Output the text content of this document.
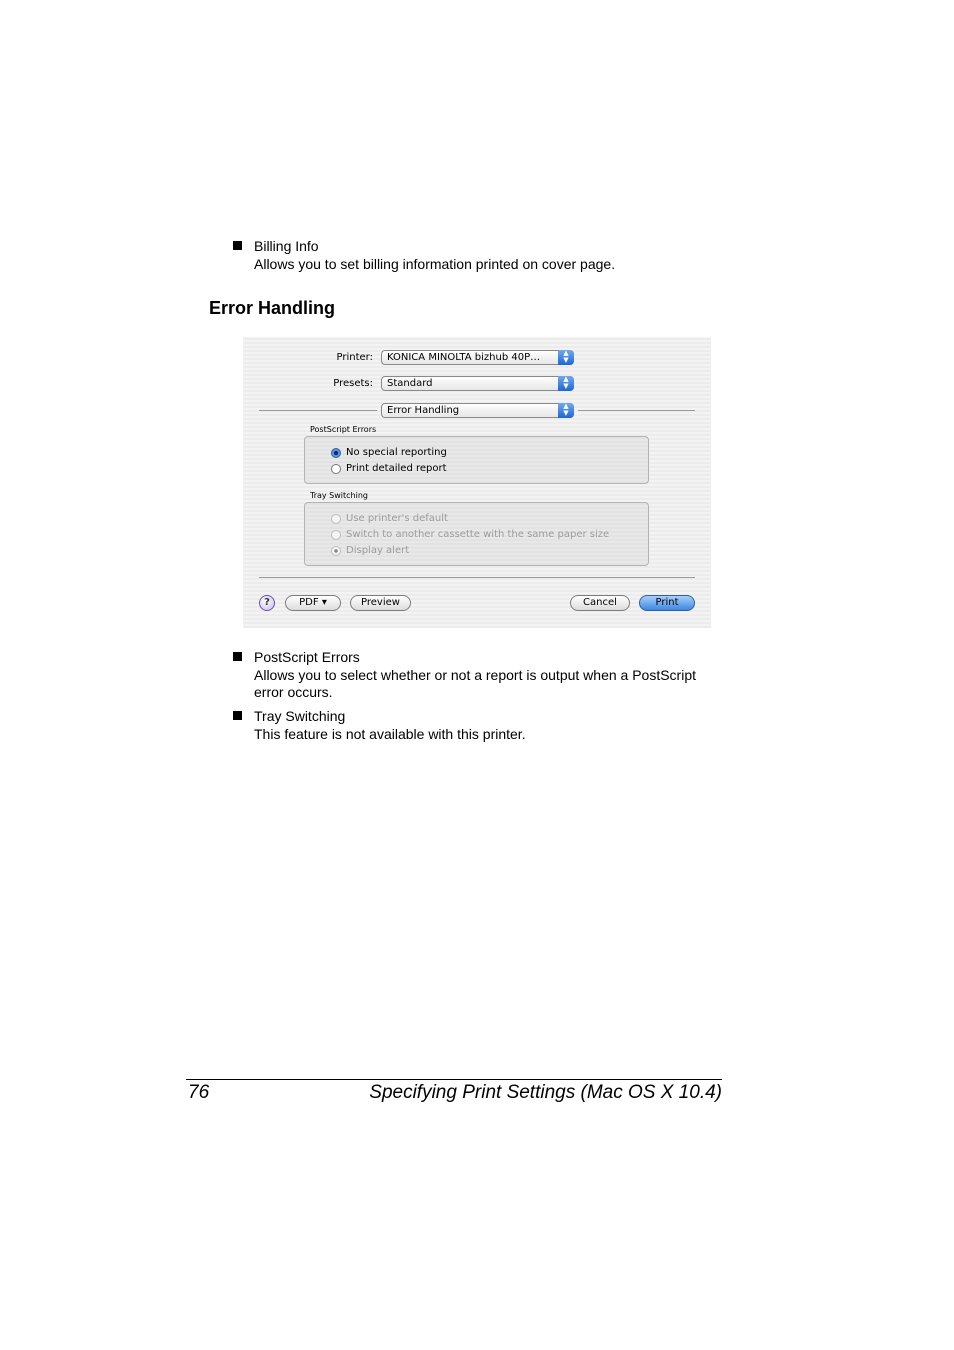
Billing Info
Allows you to set billing information printed on cover page.
Error Handling
Printer: KONICA MINOLTA bizhub 40P…	▲
▼
Presets: Standard	▲
▼
Error Handling	▲
▼
PostScript Errors
No special reporting
Print detailed report
Tray Switching
Use printer's default
Switch to another cassette with the same paper size
Display alert
?	PDF ▾	Preview	Cancel	Print
PostScript Errors
Allows you to select whether or not a report is output when a PostScript
error occurs.
Tray Switching
This feature is not available with this printer.
76	Specifying Print Settings (Mac OS X 10.4)
